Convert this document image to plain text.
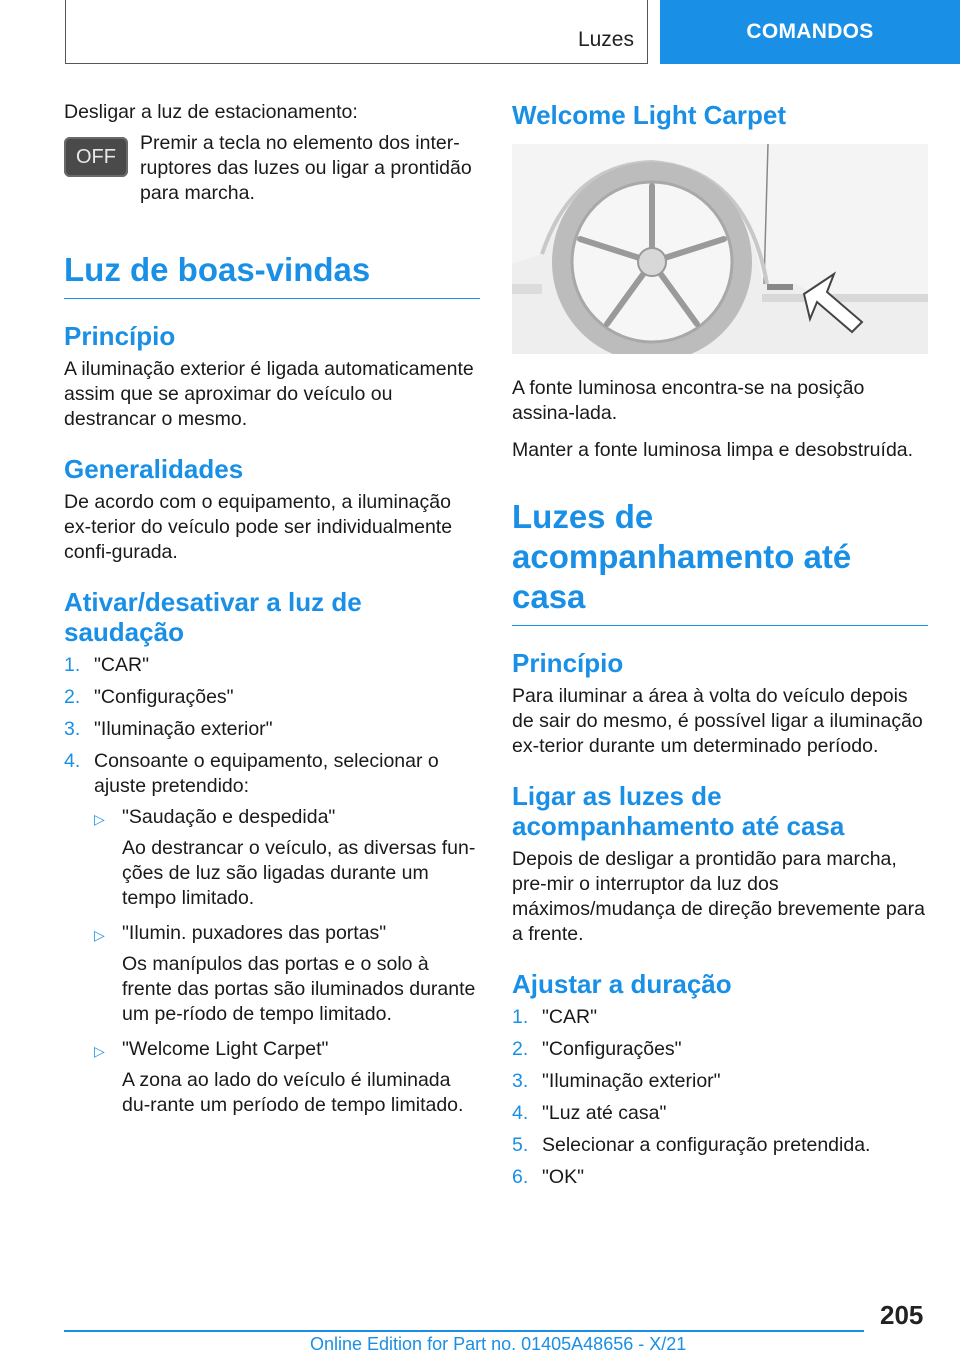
Luzes	COMANDOS

Desligar a luz de estacionamento:

OFF

Premir a tecla no elemento dos inter-ruptores das luzes ou ligar a prontidão para marcha.

Luz de boas-vindas
Princípio

A iluminação exterior é ligada automaticamente assim que se aproximar do veículo ou destrancar o mesmo.

Generalidades

De acordo com o equipamento, a iluminação ex-terior do veículo pode ser individualmente confi-gurada.

Ativar/desativar a luz de saudação
1. "CAR"
2. "Configurações"
3. "Iluminação exterior"
4. Consoante o equipamento, selecionar o ajuste pretendido:
▷ "Saudação e despedida"

Ao destrancar o veículo, as diversas fun-ções de luz são ligadas durante um tempo limitado.

▷ "Ilumin. puxadores das portas"

Os manípulos das portas e o solo à frente das portas são iluminados durante um pe-ríodo de tempo limitado.

▷ "Welcome Light Carpet"

A zona ao lado do veículo é iluminada du-rante um período de tempo limitado.

Welcome Light Carpet

A fonte luminosa encontra-se na posição assina-lada.

Manter a fonte luminosa limpa e desobstruída.

Luzes de acompanhamento até casa
Princípio

Para iluminar a área à volta do veículo depois de sair do mesmo, é possível ligar a iluminação ex-terior durante um determinado período.

Ligar as luzes de acompanhamento até casa

Depois de desligar a prontidão para marcha, pre-mir o interruptor da luz dos máximos/mudança de direção brevemente para a frente.

Ajustar a duração
1. "CAR"
2. "Configurações"
3. "Iluminação exterior"
4. "Luz até casa"
5. Selecionar a configuração pretendida.
6. "OK"
205
Online Edition for Part no. 01405A48656 - X/21
